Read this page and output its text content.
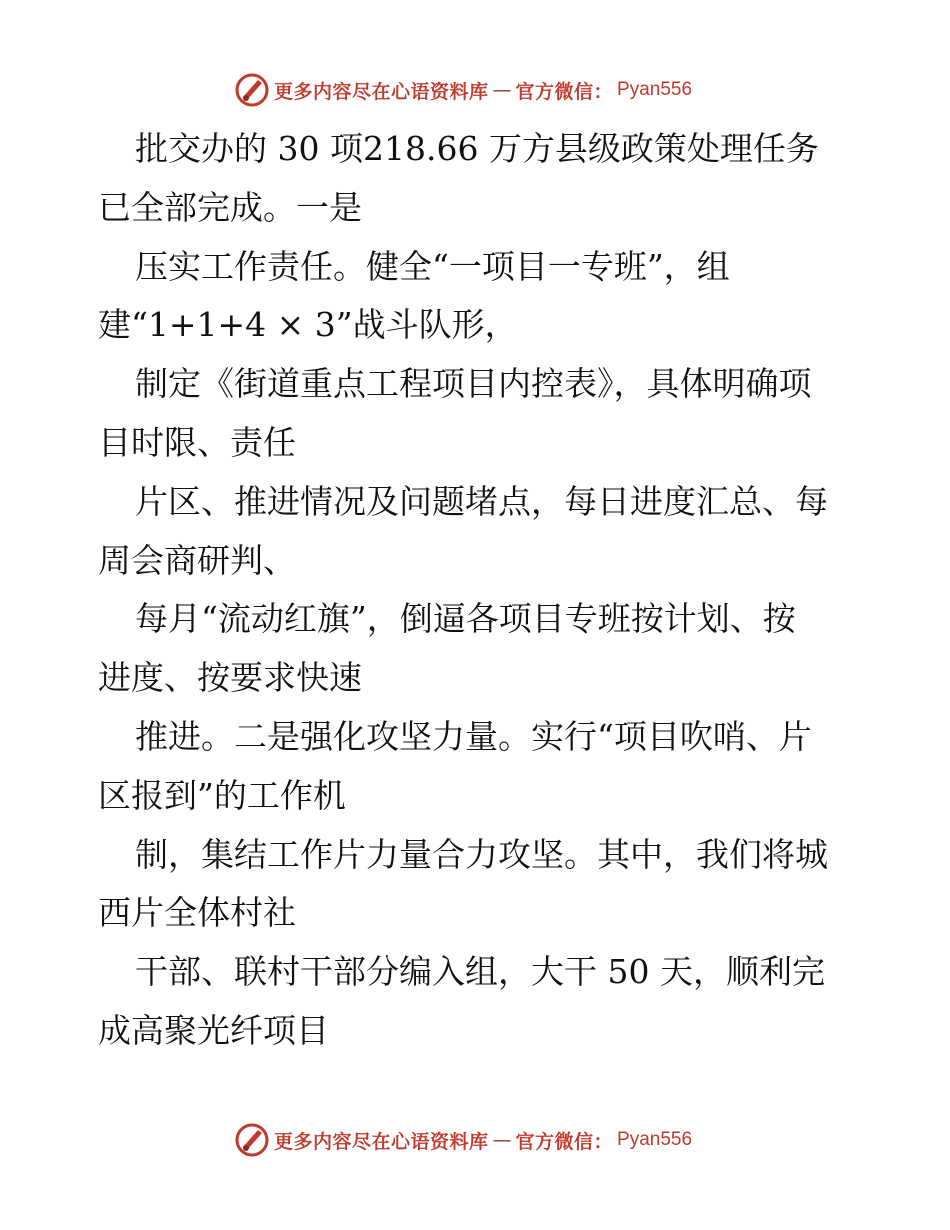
更多内容尽在心语资料库 — 官方微信： Pyan556
批交办的 30 项218.66 万方县级政策处理任务
已全部完成。一是
压实工作责任。健全“一项目一专班”，组
建“1+1+4 × 3”战斗队形，
制定《街道重点工程项目内控表》，具体明确项
目时限、责任
片区、推进情况及问题堵点，每日进度汇总、每
周会商研判、
每月“流动红旗”，倒逼各项目专班按计划、按
进度、按要求快速
推进。二是强化攻坚力量。实行“项目吹哨、片
区报到”的工作机
制，集结工作片力量合力攻坚。其中，我们将城
西片全体村社
干部、联村干部分编入组，大干 50 天，顺利完
成高聚光纤项目
更多内容尽在心语资料库 — 官方微信： Pyan556
